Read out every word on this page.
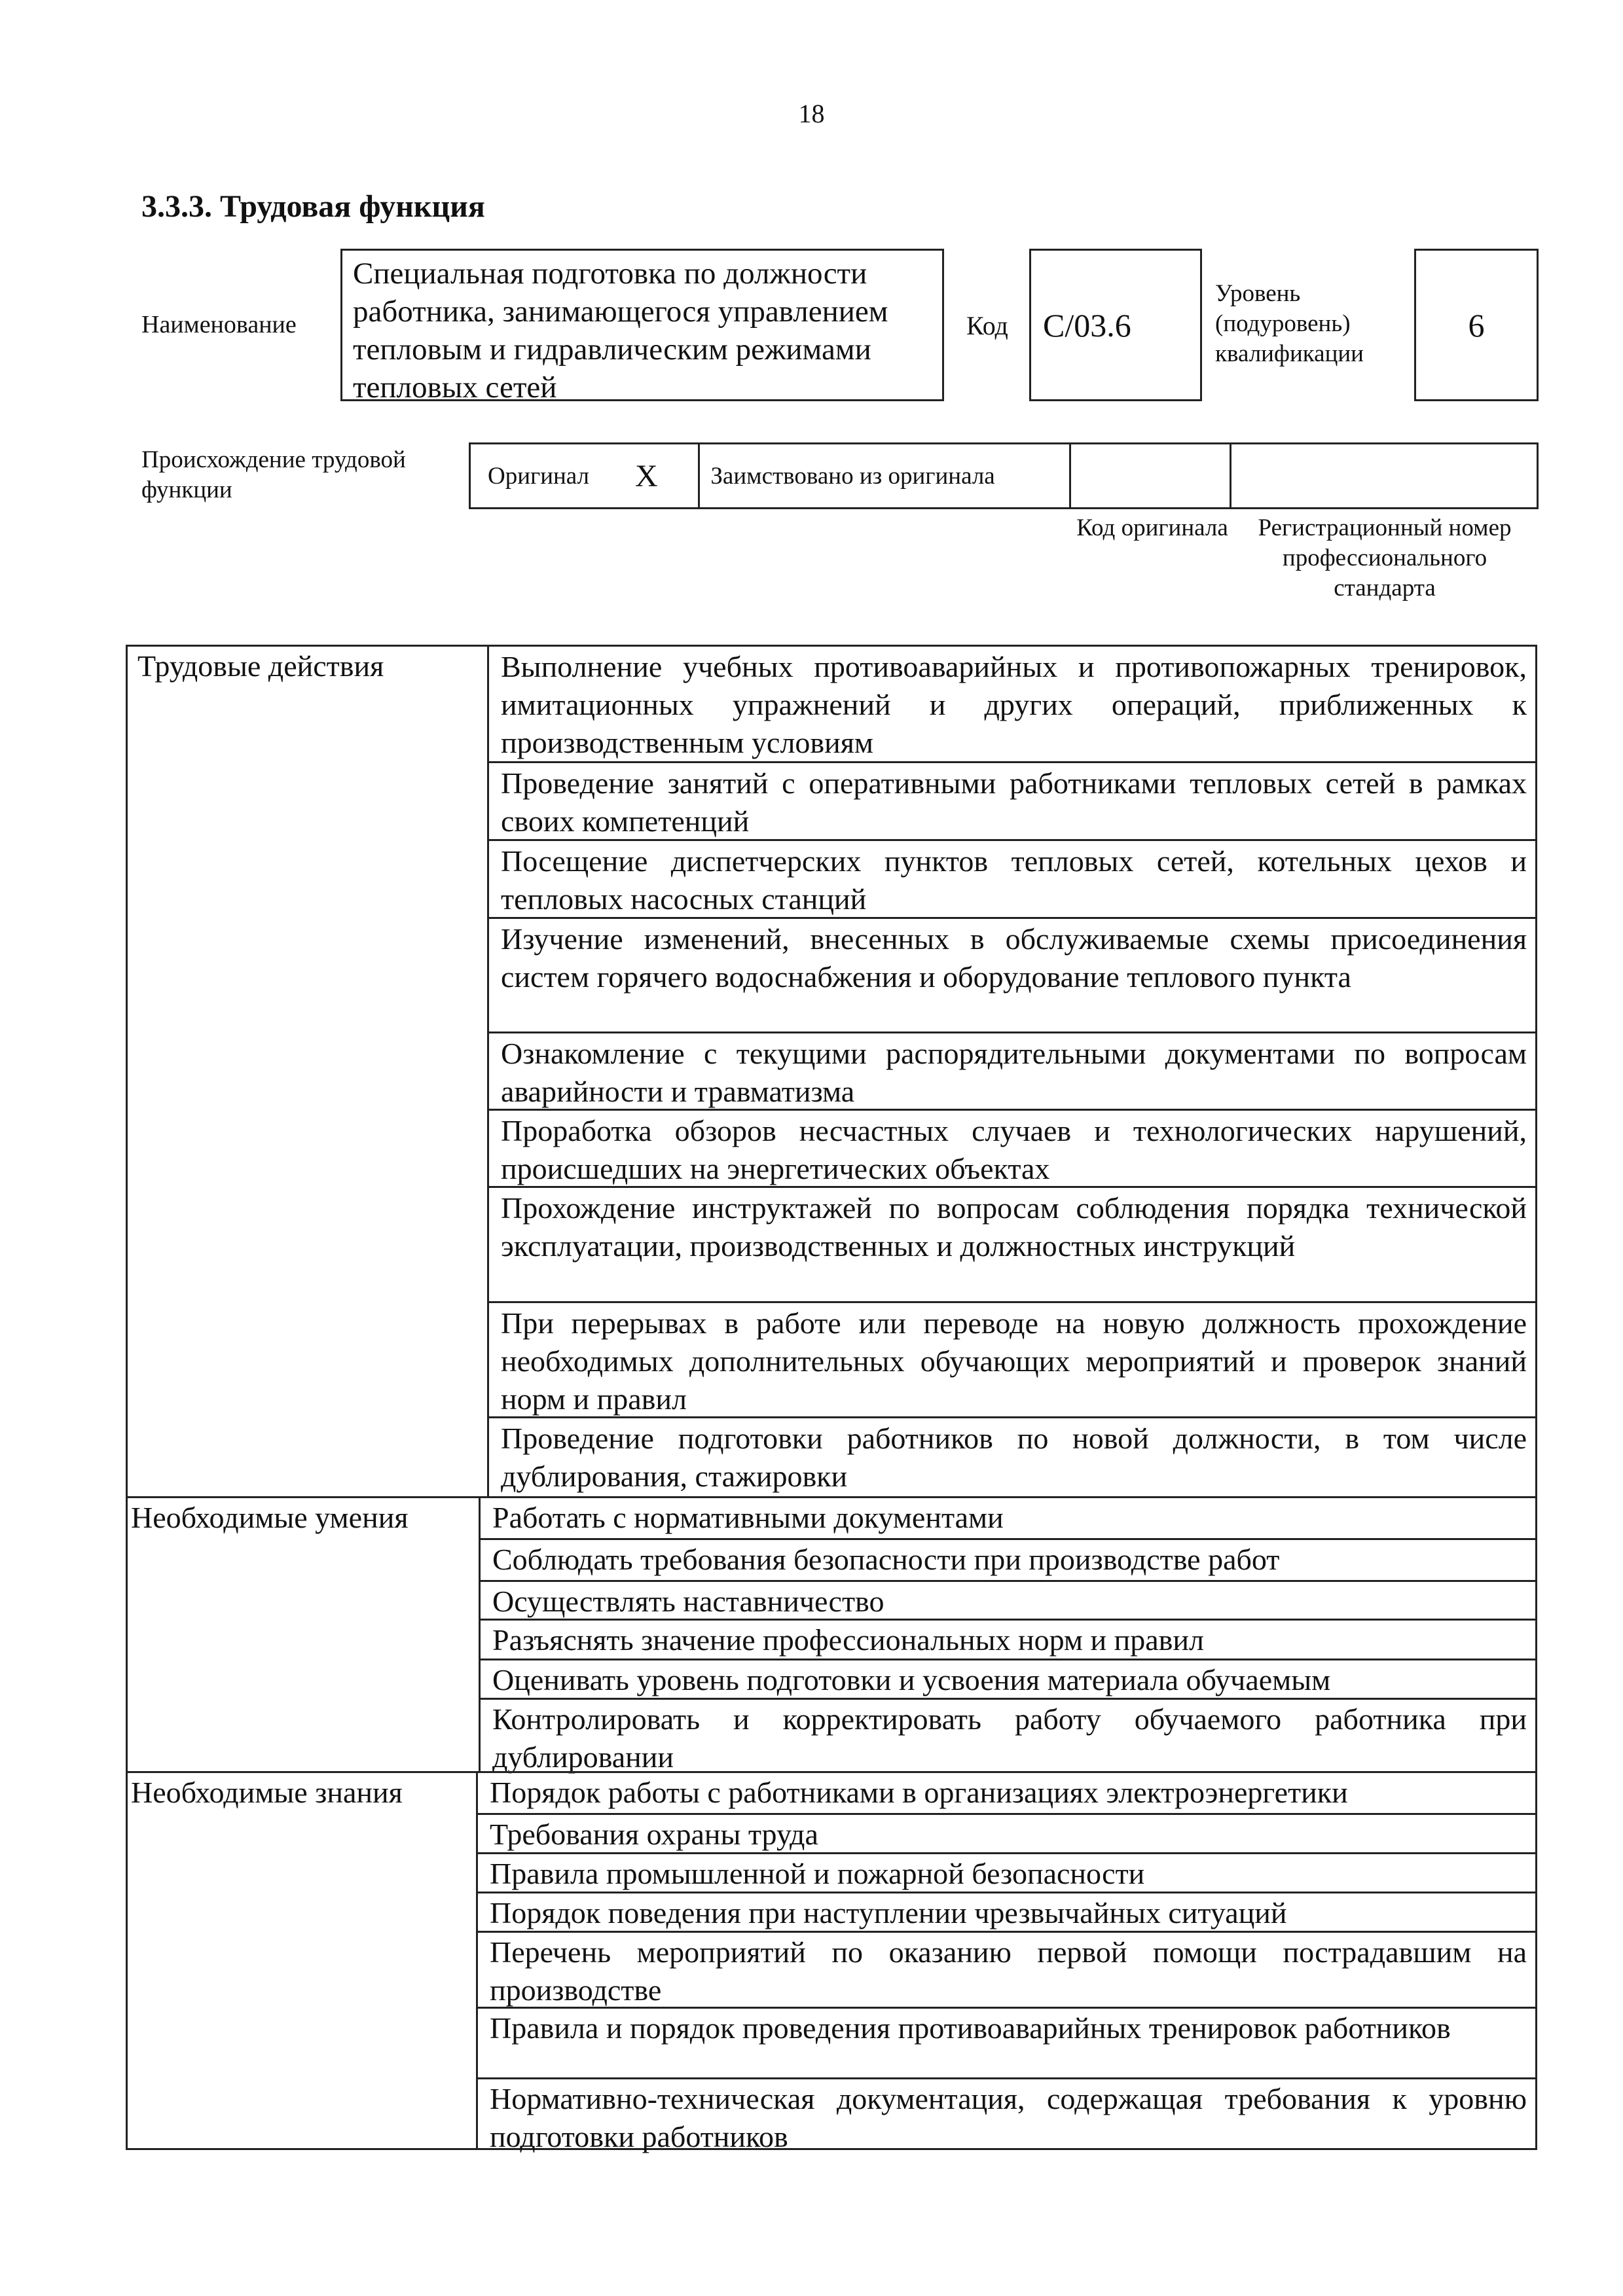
18
3.3.3. Трудовая функция
Наименование
Специальная подготовка по должности работника, занимающегося управлением тепловым и гидравлическим режимами тепловых сетей
Код	C/03.6
Уровень (подуровень) квалификации
6
Происхождение трудовой функции
Оригинал X Заимствовано из оригинала
Код оригинала	Регистрационный номер профессионального стандарта
Трудовые действия
Необходимые умения
Необходимые знания
Выполнение учебных противоаварийных и противопожарных тренировок, имитационных упражнений и других операций, приближенных к производственным условиям
Проведение занятий с оперативными работниками тепловых сетей в рамках своих компетенций
Посещение диспетчерских пунктов тепловых сетей, котельных цехов и тепловых насосных станций
Изучение изменений, внесенных в обслуживаемые схемы присоединения систем горячего водоснабжения и оборудование теплового пункта
Ознакомление с текущими распорядительными документами по вопросам аварийности и травматизма
Проработка обзоров несчастных случаев и технологических нарушений, происшедших на энергетических объектах
Прохождение инструктажей по вопросам соблюдения порядка технической эксплуатации, производственных и должностных инструкций
При перерывах в работе или переводе на новую должность прохождение необходимых дополнительных обучающих мероприятий и проверок знаний норм и правил
Проведение подготовки работников по новой должности, в том числе дублирования, стажировки
Работать с нормативными документами
Соблюдать требования безопасности при производстве работ
Осуществлять наставничество
Разъяснять значение профессиональных норм и правил
Оценивать уровень подготовки и усвоения материала обучаемым
Контролировать и корректировать работу обучаемого работника при дублировании
Порядок работы с работниками в организациях электроэнергетики
Требования охраны труда
Правила промышленной и пожарной безопасности
Порядок поведения при наступлении чрезвычайных ситуаций
Перечень мероприятий по оказанию первой помощи пострадавшим на производстве
Правила и порядок проведения противоаварийных тренировок работников
Нормативно-техническая документация, содержащая требования к уровню подготовки работников
